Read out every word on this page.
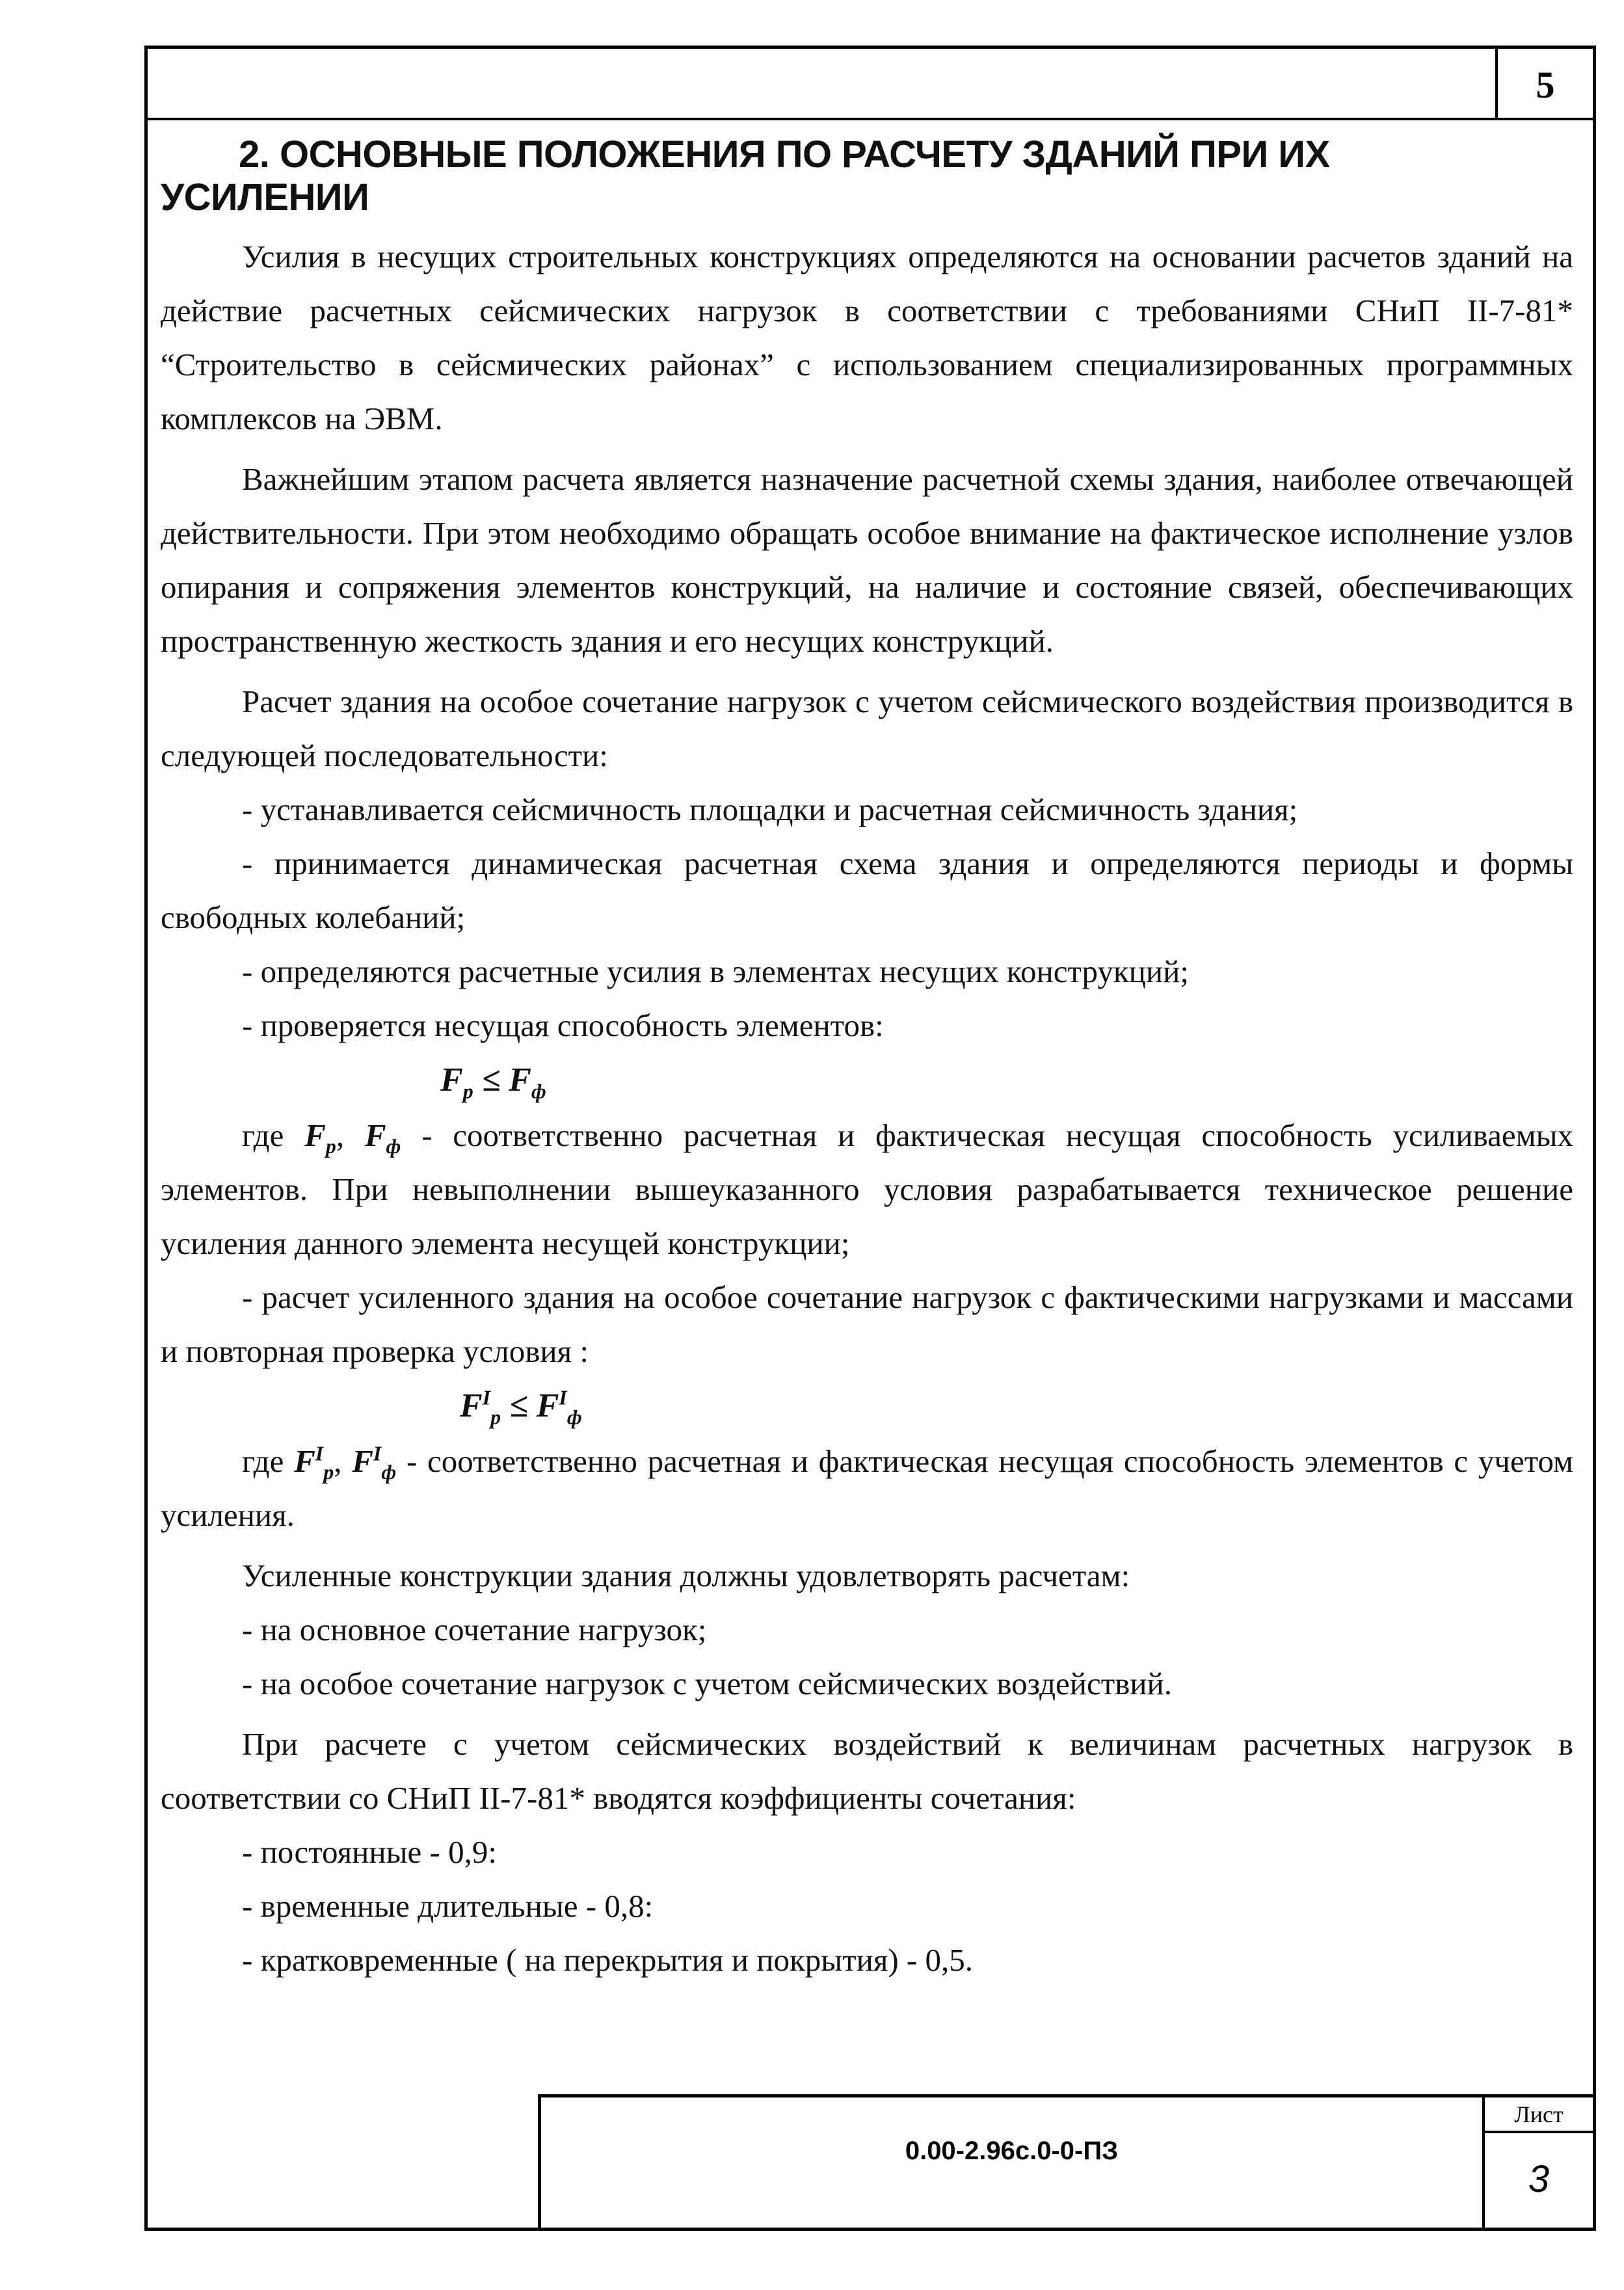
5
2. ОСНОВНЫЕ ПОЛОЖЕНИЯ ПО РАСЧЕТУ ЗДАНИЙ ПРИ ИХ
УСИЛЕНИИ

Усилия в несущих строительных конструкциях определяются на основании расчетов зданий на действие расчетных сейсмических нагрузок в соответствии с требованиями СНиП II-7-81* “Строительство в сейсмических районах” с использованием специализированных программных комплексов на ЭВМ.

Важнейшим этапом расчета является назначение расчетной схемы здания, наиболее отвечающей действительности. При этом необходимо обращать особое внимание на фактическое исполнение узлов опирания и сопряжения элементов конструкций, на наличие и состояние связей, обеспечивающих пространственную жесткость здания и его несущих конструкций.

Расчет здания на особое сочетание нагрузок с учетом сейсмического воздействия производится в следующей последовательности:

- устанавливается сейсмичность площадки и расчетная сейсмичность здания;

- принимается динамическая расчетная схема здания и определяются периоды и формы свободных колебаний;

- определяются расчетные усилия в элементах несущих конструкций;

- проверяется несущая способность элементов:

$F_p \le F_ф$

где $F_p$, $F_ф$ - соответственно расчетная и фактическая несущая способность усиливаемых элементов. При невыполнении вышеуказанного условия разрабатывается техническое решение усиления данного элемента несущей конструкции;

- расчет усиленного здания на особое сочетание нагрузок с фактическими нагрузками и массами и повторная проверка условия :

$F^I_p \le F^I_ф$

где $F^I_p$, $F^I_ф$ - соответственно расчетная и фактическая несущая способность элементов с учетом усиления.

Усиленные конструкции здания должны удовлетворять расчетам:

- на основное сочетание нагрузок;

- на особое сочетание нагрузок с учетом сейсмических воздействий.

При расчете с учетом сейсмических воздействий к величинам расчетных нагрузок в соответствии со СНиП II-7-81* вводятся коэффициенты сочетания:

- постоянные - 0,9:

- временные длительные - 0,8:

- кратковременные ( на перекрытия и покрытия) - 0,5.

0.00-2.96с.0-0-ПЗ
Лист
3
